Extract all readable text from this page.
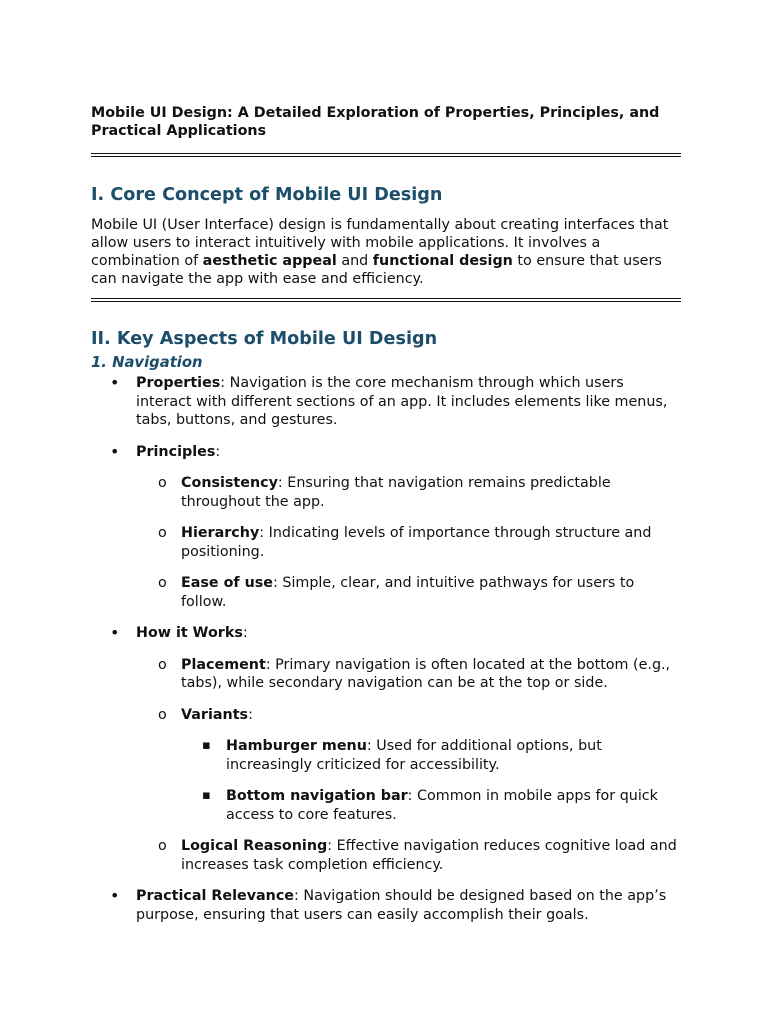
Mobile UI Design: A Detailed Exploration of Properties, Principles, and Practical Applications

I. Core Concept of Mobile UI Design

Mobile UI (User Interface) design is fundamentally about creating interfaces that allow users to interact intuitively with mobile applications. It involves a combination of aesthetic appeal and functional design to ensure that users can navigate the app with ease and efficiency.

II. Key Aspects of Mobile UI Design
1. Navigation
• Properties: Navigation is the core mechanism through which users interact with different sections of an app. It includes elements like menus, tabs, buttons, and gestures.
• Principles:
o Consistency: Ensuring that navigation remains predictable throughout the app.
o Hierarchy: Indicating levels of importance through structure and positioning.
o Ease of use: Simple, clear, and intuitive pathways for users to follow.
• How it Works:
o Placement: Primary navigation is often located at the bottom (e.g., tabs), while secondary navigation can be at the top or side.
o Variants:
▪ Hamburger menu: Used for additional options, but increasingly criticized for accessibility.
▪ Bottom navigation bar: Common in mobile apps for quick access to core features.
o Logical Reasoning: Effective navigation reduces cognitive load and increases task completion efficiency.
• Practical Relevance: Navigation should be designed based on the app’s purpose, ensuring that users can easily accomplish their goals.
